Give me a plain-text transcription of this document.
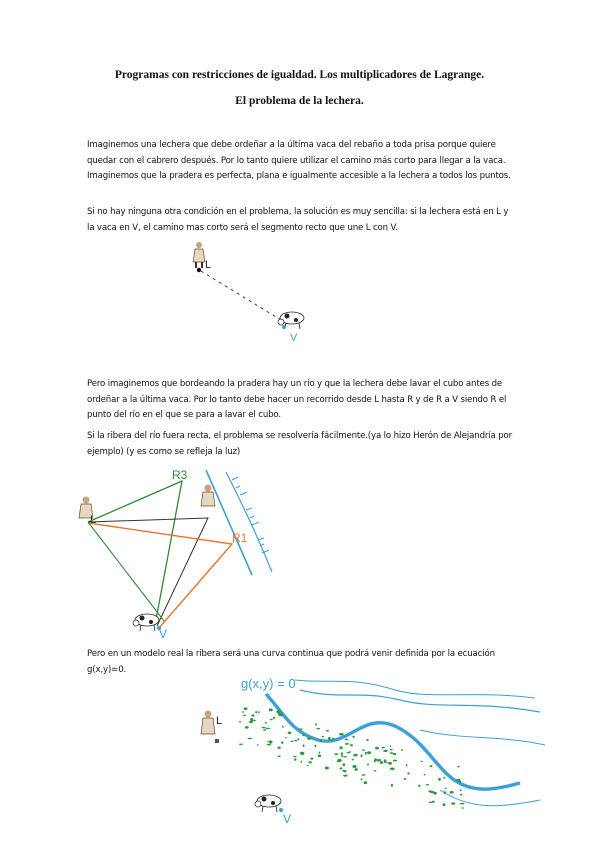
Programas con restricciones de igualdad. Los multiplicadores de Lagrange.
El problema de la lechera.
Imaginemos una lechera que debe ordeñar a la última vaca del rebaño a toda prisa porque quiere quedar con el cabrero después. Por lo tanto quiere utilizar el camino más corto para llegar a la vaca. Imaginemos que la pradera es perfecta, plana e igualmente accesible a la lechera a todos los puntos.
Si no hay ninguna otra condición en el problema, la solución es muy sencilla: si la lechera está en L y la vaca en V, el camino mas corto será el segmento recto que une L con V.
Pero imaginemos que bordeando la pradera hay un río y que la lechera debe lavar el cubo antes de ordeñar a la última vaca. Por lo tanto debe hacer un recorrido desde L hasta R y de R a V siendo R el punto del río en el que se para a lavar el cubo.
Si la ribera del río fuera recta, el problema se resolvería fácilmente.(ya lo hizo Herón de Alejandría por ejemplo) (y es como se refleja la luz)
Pero en un modelo real la ribera será una curva continua que podrá venir definida por la ecuación g(x,y)=0.
L
V
L
R3
R1
V
g(x,y) = 0
L
V
